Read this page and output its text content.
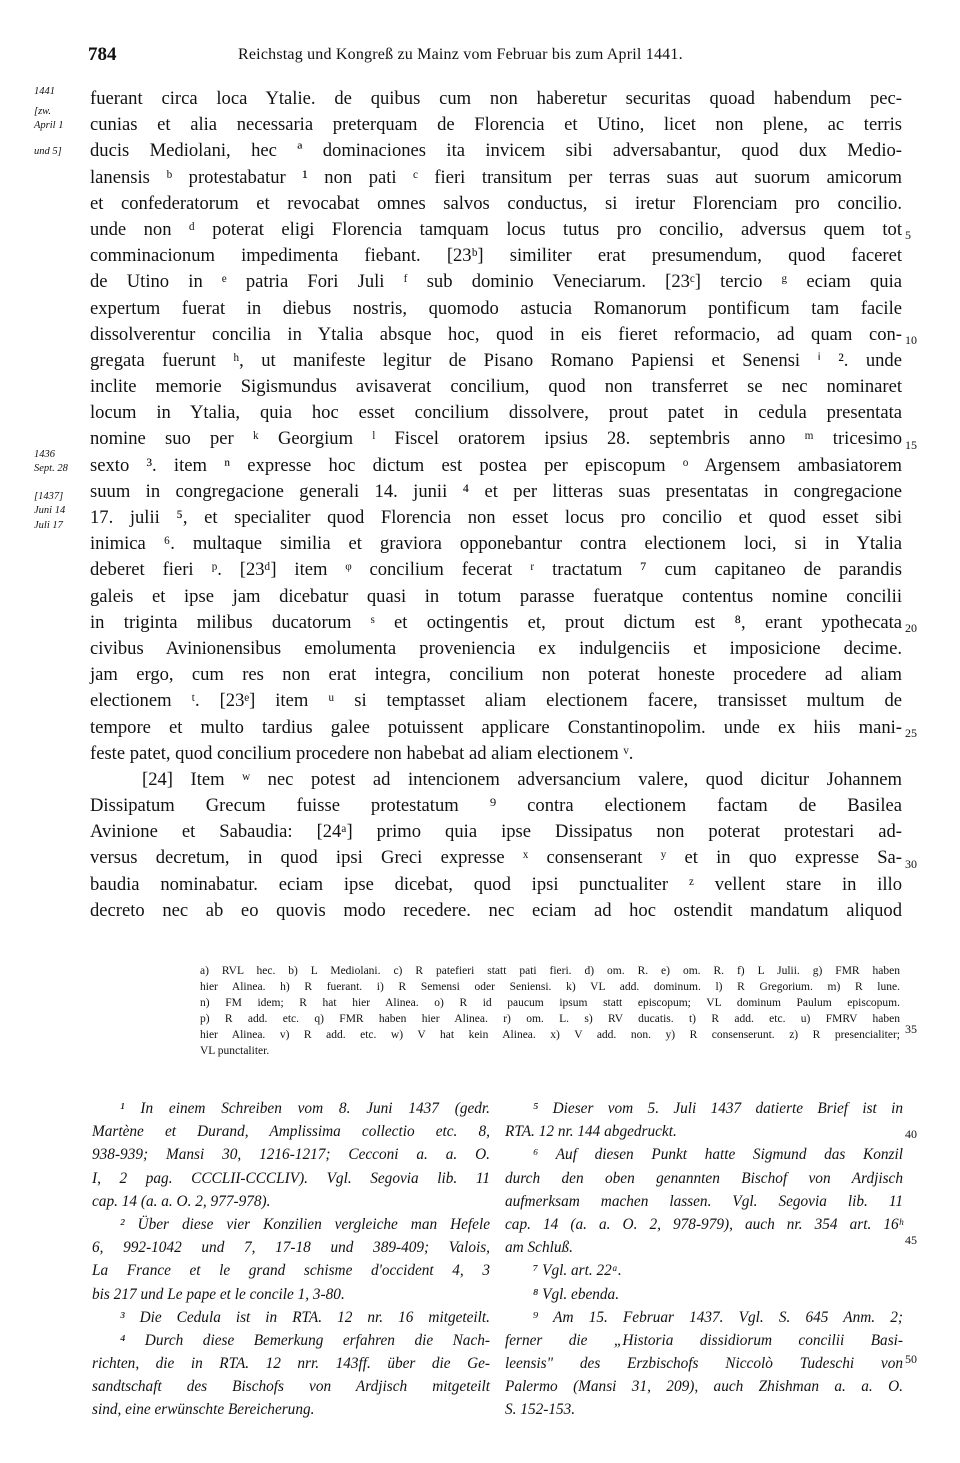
784	Reichstag und Kongreß zu Mainz vom Februar bis zum April 1441.
1441
[zw.
April 1
und 5]
1436
Sept. 28
[1437]
Juni 14
Juli 17
5
10
15
20
25
30
35
40
45
50
fuerant circa loca Ytalie. de quibus cum non haberetur securitas quoad habendum pec-
cunias et alia necessaria preterquam de Florencia et Utino, licet non plene, ac terris
ducis Mediolani, hec ª dominaciones ita invicem sibi adversabantur, quod dux Medio-
lanensis ᵇ protestabatur ¹ non pati ᶜ fieri transitum per terras suas aut suorum amicorum
et confederatorum et revocabat omnes salvos conductus, si iretur Florenciam pro concilio.
unde non ᵈ poterat eligi Florencia tamquam locus tutus pro concilio, adversus quem tot
comminacionum impedimenta fiebant. [23ᵇ] similiter erat presumendum, quod faceret
de Utino in ᵉ patria Fori Juli ᶠ sub dominio Veneciarum. [23ᶜ] tercio ᵍ eciam quia
expertum fuerat in diebus nostris, quomodo astucia Romanorum pontificum tam facile
dissolverentur concilia in Ytalia absque hoc, quod in eis fieret reformacio, ad quam con-
gregata fuerunt ʰ, ut manifeste legitur de Pisano Romano Papiensi et Senensi ⁱ ². unde
inclite memorie Sigismundus avisaverat concilium, quod non transferret se nec nominaret
locum in Ytalia, quia hoc esset concilium dissolvere, prout patet in cedula presentata
nomine suo per ᵏ Georgium ˡ Fiscel oratorem ipsius 28. septembris anno ᵐ tricesimo
sexto ³. item ⁿ expresse hoc dictum est postea per episcopum ᵒ Argensem ambasiatorem
suum in congregacione generali 14. junii ⁴ et per litteras suas presentatas in congregacione
17. julii ⁵, et specialiter quod Florencia non esset locus pro concilio et quod esset sibi
inimica ⁶. multaque similia et graviora opponebantur contra electionem loci, si in Ytalia
deberet fieri ᵖ. [23ᵈ] item ᵠ concilium fecerat ʳ tractatum ⁷ cum capitaneo de parandis
galeis et ipse jam dicebatur quasi in totum parasse fueratque contentus nomine concilii
in triginta milibus ducatorum ˢ et octingentis et, prout dictum est ⁸, erant ypothecata
civibus Avinionensibus emolumenta proveniencia ex indulgenciis et imposicione decime.
jam ergo, cum res non erat integra, concilium non poterat honeste procedere ad aliam
electionem ᵗ. [23ᵉ] item ᵘ si temptasset aliam electionem facere, transisset multum de
tempore et multo tardius galee potuissent applicare Constantinopolim. unde ex hiis mani-
feste patet, quod concilium procedere non habebat ad aliam electionem ᵛ.
[24] Item ʷ nec potest ad intencionem adversancium valere, quod dicitur Johannem
Dissipatum Grecum fuisse protestatum ⁹ contra electionem factam de Basilea
Avinione et Sabaudia: [24ᵃ] primo quia ipse Dissipatus non poterat protestari ad-
versus decretum, in quod ipsi Greci expresse ˣ consenserant ʸ et in quo expresse Sa-
baudia nominabatur. eciam ipse dicebat, quod ipsi punctualiter ᶻ vellent stare in illo
decreto nec ab eo quovis modo recedere. nec eciam ad hoc ostendit mandatum aliquod
a) RVL hec. b) L Mediolani. c) R patefieri statt pati fieri. d) om. R. e) om. R. f) L Julii. g) FMR haben
hier Alinea. h) R fuerant. i) R Semensi oder Seniensi. k) VL add. dominum. l) R Gregorium. m) R lune.
n) FM idem; R hat hier Alinea. o) R id paucum ipsum statt episcopum; VL dominum Paulum episcopum.
p) R add. etc. q) FMR haben hier Alinea. r) om. L. s) RV ducatis. t) R add. etc. u) FMRV haben
hier Alinea. v) R add. etc. w) V hat kein Alinea. x) V add. non. y) R consenserunt. z) R presencialiter;
VL punctaliter.
¹ In einem Schreiben vom 8. Juni 1437 (gedr.
Martène et Durand, Amplissima collectio etc. 8,
938-939; Mansi 30, 1216-1217; Cecconi a. a. O.
I, 2 pag. CCCLII-CCCLIV). Vgl. Segovia lib. 11
cap. 14 (a. a. O. 2, 977-978).
² Über diese vier Konzilien vergleiche man Hefele
6, 992-1042 und 7, 17-18 und 389-409; Valois,
La France et le grand schisme d'occident 4, 3
bis 217 und Le pape et le concile 1, 3-80.
³ Die Cedula ist in RTA. 12 nr. 16 mitgeteilt.
⁴ Durch diese Bemerkung erfahren die Nach-
richten, die in RTA. 12 nrr. 143ff. über die Ge-
sandtschaft des Bischofs von Ardjisch mitgeteilt
sind, eine erwünschte Bereicherung.
⁵ Dieser vom 5. Juli 1437 datierte Brief ist in
RTA. 12 nr. 144 abgedruckt.
⁶ Auf diesen Punkt hatte Sigmund das Konzil
durch den oben genannten Bischof von Ardjisch
aufmerksam machen lassen. Vgl. Segovia lib. 11
cap. 14 (a. a. O. 2, 978-979), auch nr. 354 art. 16ʰ
am Schluß.
⁷ Vgl. art. 22ᵃ.
⁸ Vgl. ebenda.
⁹ Am 15. Februar 1437. Vgl. S. 645 Anm. 2;
ferner die „Historia dissidiorum concilii Basi-
leensis" des Erzbischofs Niccolò Tudeschi von
Palermo (Mansi 31, 209), auch Zhishman a. a. O.
S. 152-153.
